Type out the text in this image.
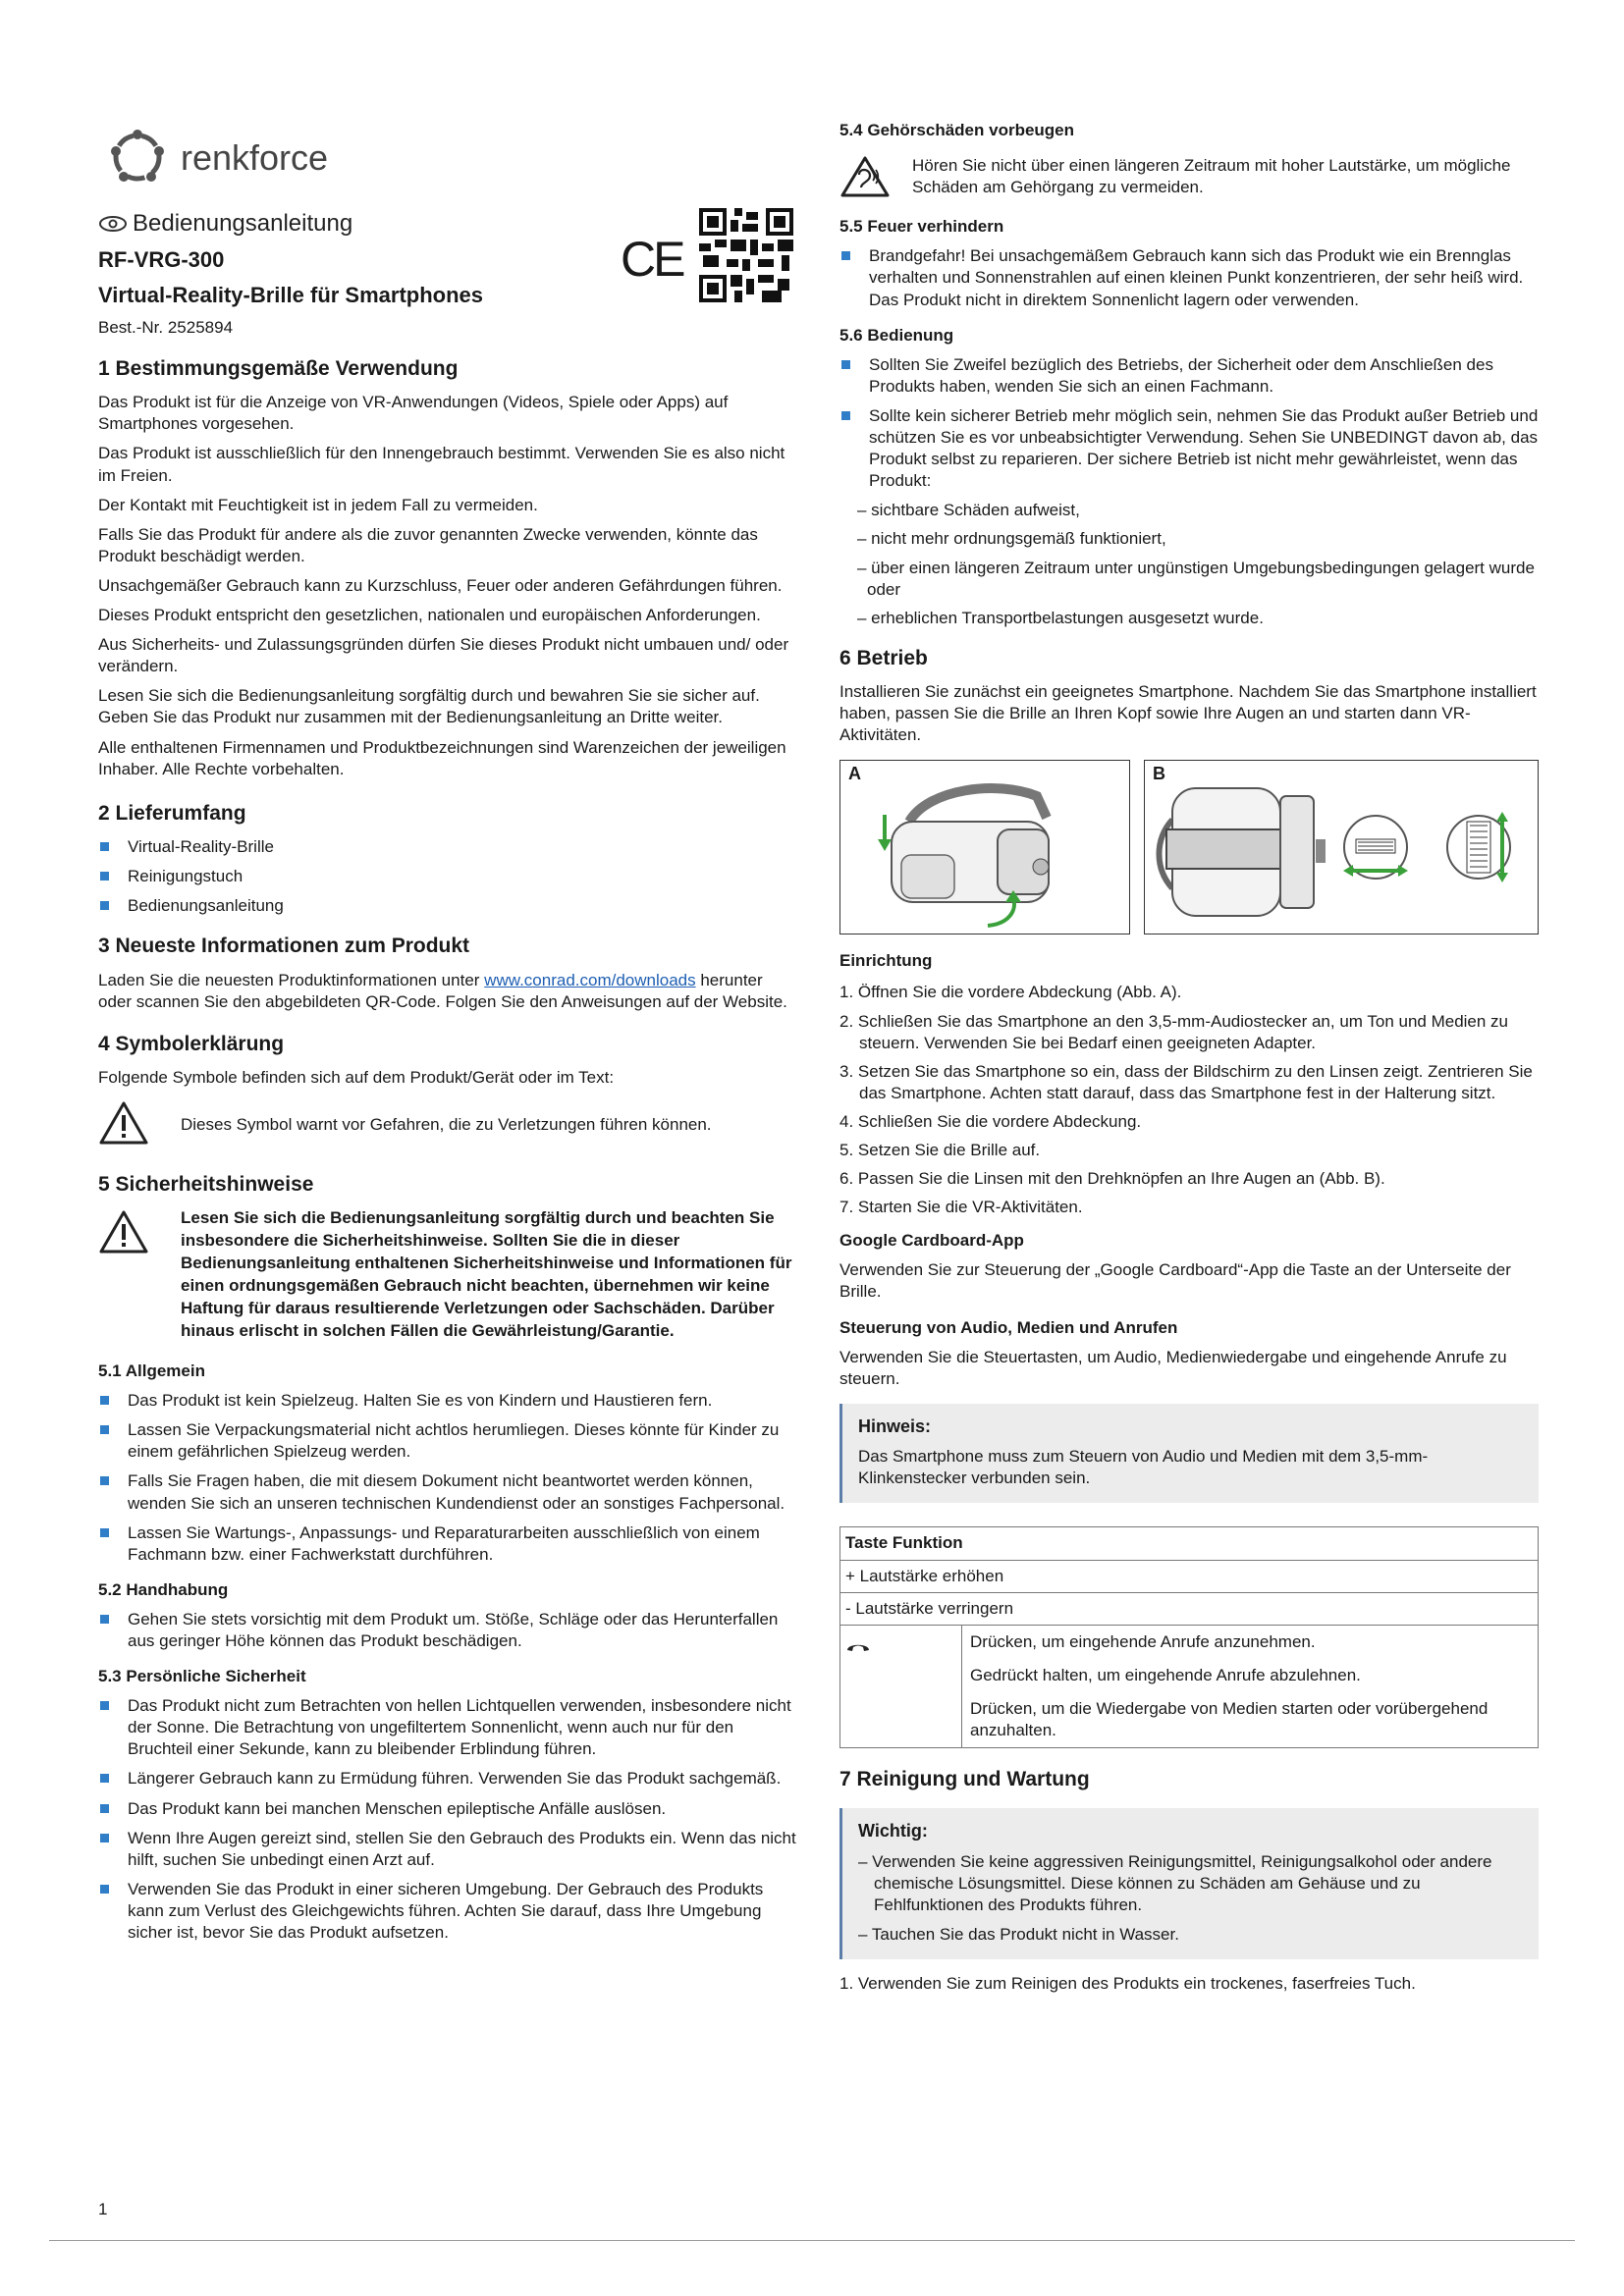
renkforce
Bedienungsanleitung
RF-VRG-300
Virtual-Reality-Brille für Smartphones
Best.-Nr. 2525894
CE
1 Bestimmungsgemäße Verwendung

Das Produkt ist für die Anzeige von VR-Anwendungen (Videos, Spiele oder Apps) auf Smartphones vorgesehen.

Das Produkt ist ausschließlich für den Innengebrauch bestimmt. Verwenden Sie es also nicht im Freien.

Der Kontakt mit Feuchtigkeit ist in jedem Fall zu vermeiden.

Falls Sie das Produkt für andere als die zuvor genannten Zwecke verwenden, könnte das Produkt beschädigt werden.

Unsachgemäßer Gebrauch kann zu Kurzschluss, Feuer oder anderen Gefährdungen führen.

Dieses Produkt entspricht den gesetzlichen, nationalen und europäischen Anforderungen.

Aus Sicherheits- und Zulassungsgründen dürfen Sie dieses Produkt nicht umbauen und/ oder verändern.

Lesen Sie sich die Bedienungsanleitung sorgfältig durch und bewahren Sie sie sicher auf. Geben Sie das Produkt nur zusammen mit der Bedienungsanleitung an Dritte weiter.

Alle enthaltenen Firmennamen und Produktbezeichnungen sind Warenzeichen der jeweiligen Inhaber. Alle Rechte vorbehalten.

2 Lieferumfang
Virtual-Reality-Brille
Reinigungstuch
Bedienungsanleitung
3 Neueste Informationen zum Produkt

Laden Sie die neuesten Produktinformationen unter www.conrad.com/downloads herunter oder scannen Sie den abgebildeten QR-Code. Folgen Sie den Anweisungen auf der Website.

4 Symbolerklärung

Folgende Symbole befinden sich auf dem Produkt/Gerät oder im Text:

Dieses Symbol warnt vor Gefahren, die zu Verletzungen führen können.
5 Sicherheitshinweise
Lesen Sie sich die Bedienungsanleitung sorgfältig durch und beachten Sie insbesondere die Sicherheitshinweise. Sollten Sie die in dieser Bedienungsanleitung enthaltenen Sicherheitshinweise und Informationen für einen ordnungsgemäßen Gebrauch nicht beachten, übernehmen wir keine Haftung für daraus resultierende Verletzungen oder Sachschäden. Darüber hinaus erlischt in solchen Fällen die Gewährleistung/Garantie.
5.1 Allgemein
Das Produkt ist kein Spielzeug. Halten Sie es von Kindern und Haustieren fern.
Lassen Sie Verpackungsmaterial nicht achtlos herumliegen. Dieses könnte für Kinder zu einem gefährlichen Spielzeug werden.
Falls Sie Fragen haben, die mit diesem Dokument nicht beantwortet werden können, wenden Sie sich an unseren technischen Kundendienst oder an sonstiges Fachpersonal.
Lassen Sie Wartungs-, Anpassungs- und Reparaturarbeiten ausschließlich von einem Fachmann bzw. einer Fachwerkstatt durchführen.
5.2 Handhabung
Gehen Sie stets vorsichtig mit dem Produkt um. Stöße, Schläge oder das Herunterfallen aus geringer Höhe können das Produkt beschädigen.
5.3 Persönliche Sicherheit
Das Produkt nicht zum Betrachten von hellen Lichtquellen verwenden, insbesondere nicht der Sonne. Die Betrachtung von ungefiltertem Sonnenlicht, wenn auch nur für den Bruchteil einer Sekunde, kann zu bleibender Erblindung führen.
Längerer Gebrauch kann zu Ermüdung führen. Verwenden Sie das Produkt sachgemäß.
Das Produkt kann bei manchen Menschen epileptische Anfälle auslösen.
Wenn Ihre Augen gereizt sind, stellen Sie den Gebrauch des Produkts ein. Wenn das nicht hilft, suchen Sie unbedingt einen Arzt auf.
Verwenden Sie das Produkt in einer sicheren Umgebung. Der Gebrauch des Produkts kann zum Verlust des Gleichgewichts führen. Achten Sie darauf, dass Ihre Umgebung sicher ist, bevor Sie das Produkt aufsetzen.
5.4 Gehörschäden vorbeugen
Hören Sie nicht über einen längeren Zeitraum mit hoher Lautstärke, um mögliche Schäden am Gehörgang zu vermeiden.
5.5 Feuer verhindern
Brandgefahr! Bei unsachgemäßem Gebrauch kann sich das Produkt wie ein Brennglas verhalten und Sonnenstrahlen auf einen kleinen Punkt konzentrieren, der sehr heiß wird. Das Produkt nicht in direktem Sonnenlicht lagern oder verwenden.
5.6 Bedienung
Sollten Sie Zweifel bezüglich des Betriebs, der Sicherheit oder dem Anschließen des Produkts haben, wenden Sie sich an einen Fachmann.
Sollte kein sicherer Betrieb mehr möglich sein, nehmen Sie das Produkt außer Betrieb und schützen Sie es vor unbeabsichtigter Verwendung. Sehen Sie UNBEDINGT davon ab, das Produkt selbst zu reparieren. Der sichere Betrieb ist nicht mehr gewährleistet, wenn das Produkt:
– sichtbare Schäden aufweist,
– nicht mehr ordnungsgemäß funktioniert,
– über einen längeren Zeitraum unter ungünstigen Umgebungsbedingungen gelagert wurde oder
– erheblichen Transportbelastungen ausgesetzt wurde.
6 Betrieb

Installieren Sie zunächst ein geeignetes Smartphone. Nachdem Sie das Smartphone installiert haben, passen Sie die Brille an Ihren Kopf sowie Ihre Augen an und starten dann VR-Aktivitäten.

A	B
Einrichtung
1. Öffnen Sie die vordere Abdeckung (Abb. A).
2. Schließen Sie das Smartphone an den 3,5-mm-Audiostecker an, um Ton und Medien zu steuern. Verwenden Sie bei Bedarf einen geeigneten Adapter.
3. Setzen Sie das Smartphone so ein, dass der Bildschirm zu den Linsen zeigt. Zentrieren Sie das Smartphone. Achten statt darauf, dass das Smartphone fest in der Halterung sitzt.
4. Schließen Sie die vordere Abdeckung.
5. Setzen Sie die Brille auf.
6. Passen Sie die Linsen mit den Drehknöpfen an Ihre Augen an (Abb. B).
7. Starten Sie die VR-Aktivitäten.
Google Cardboard-App

Verwenden Sie zur Steuerung der „Google Cardboard“-App die Taste an der Unterseite der Brille.

Steuerung von Audio, Medien und Anrufen

Verwenden Sie die Steuertasten, um Audio, Medienwiedergabe und eingehende Anrufe zu steuern.

Hinweis:
Das Smartphone muss zum Steuern von Audio und Medien mit dem 3,5-mm-Klinkenstecker verbunden sein.
Taste Funktion
+ Lautstärke erhöhen
- Lautstärke verringern

Drücken, um eingehende Anrufe anzunehmen.
Gedrückt halten, um eingehende Anrufe abzulehnen.
Drücken, um die Wiedergabe von Medien starten oder vorübergehend anzuhalten.
7 Reinigung und Wartung
Wichtig:
– Verwenden Sie keine aggressiven Reinigungsmittel, Reinigungsalkohol oder andere chemische Lösungsmittel. Diese können zu Schäden am Gehäuse und zu Fehlfunktionen des Produkts führen.
– Tauchen Sie das Produkt nicht in Wasser.

1. Verwenden Sie zum Reinigen des Produkts ein trockenes, faserfreies Tuch.

1
